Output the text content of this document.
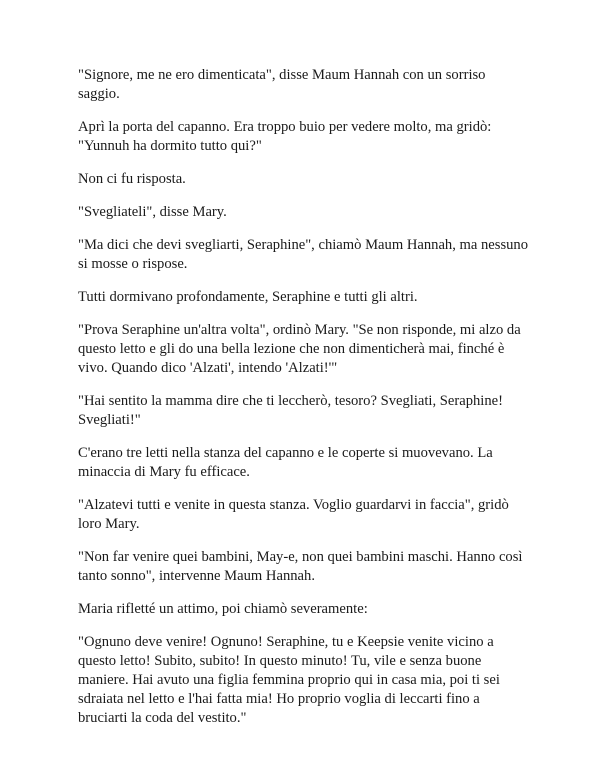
"Signore, me ne ero dimenticata", disse Maum Hannah con un sorriso saggio.

Aprì la porta del capanno. Era troppo buio per vedere molto, ma gridò: "Yunnuh ha dormito tutto qui?"

Non ci fu risposta.

"Svegliateli", disse Mary.

"Ma dici che devi svegliarti, Seraphine", chiamò Maum Hannah, ma nessuno si mosse o rispose.

Tutti dormivano profondamente, Seraphine e tutti gli altri.

"Prova Seraphine un'altra volta", ordinò Mary. "Se non risponde, mi alzo da questo letto e gli do una bella lezione che non dimenticherà mai, finché è vivo. Quando dico 'Alzati', intendo 'Alzati!'"

"Hai sentito la mamma dire che ti leccherò, tesoro? Svegliati, Seraphine! Svegliati!"

C'erano tre letti nella stanza del capanno e le coperte si muovevano. La minaccia di Mary fu efficace.

"Alzatevi tutti e venite in questa stanza. Voglio guardarvi in faccia", gridò loro Mary.

"Non far venire quei bambini, May-e, non quei bambini maschi. Hanno così tanto sonno", intervenne Maum Hannah.

Maria rifletté un attimo, poi chiamò severamente:

"Ognuno deve venire! Ognuno! Seraphine, tu e Keepsie venite vicino a questo letto! Subito, subito! In questo minuto! Tu, vile e senza buone maniere. Hai avuto una figlia femmina proprio qui in casa mia, poi ti sei sdraiata nel letto e l'hai fatta mia! Ho proprio voglia di leccarti fino a bruciarti la coda del vestito."
